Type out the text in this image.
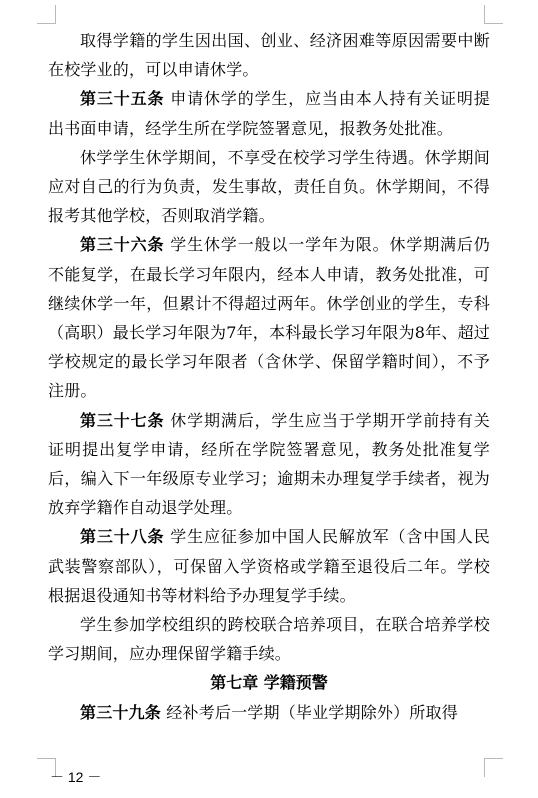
取得学籍的学生因出国、创业、经济困难等原因需要中断在校学业的，可以申请休学。

第三十五条 申请休学的学生，应当由本人持有关证明提出书面申请，经学生所在学院签署意见，报教务处批准。

休学学生休学期间，不享受在校学习学生待遇。休学期间应对自己的行为负责，发生事故，责任自负。休学期间，不得报考其他学校，否则取消学籍。

第三十六条 学生休学一般以一学年为限。休学期满后仍不能复学，在最长学习年限内，经本人申请，教务处批准，可继续休学一年，但累计不得超过两年。休学创业的学生，专科（高职）最长学习年限为7年，本科最长学习年限为8年、超过学校规定的最长学习年限者（含休学、保留学籍时间），不予注册。

第三十七条 休学期满后，学生应当于学期开学前持有关证明提出复学申请，经所在学院签署意见，教务处批准复学后，编入下一年级原专业学习；逾期未办理复学手续者，视为放弃学籍作自动退学处理。

第三十八条 学生应征参加中国人民解放军（含中国人民武装警察部队），可保留入学资格或学籍至退役后二年。学校根据退役通知书等材料给予办理复学手续。

学生参加学校组织的跨校联合培养项目，在联合培养学校学习期间，应办理保留学籍手续。

第七章 学籍预警

第三十九条 经补考后一学期（毕业学期除外）所取得

－ 12 －
